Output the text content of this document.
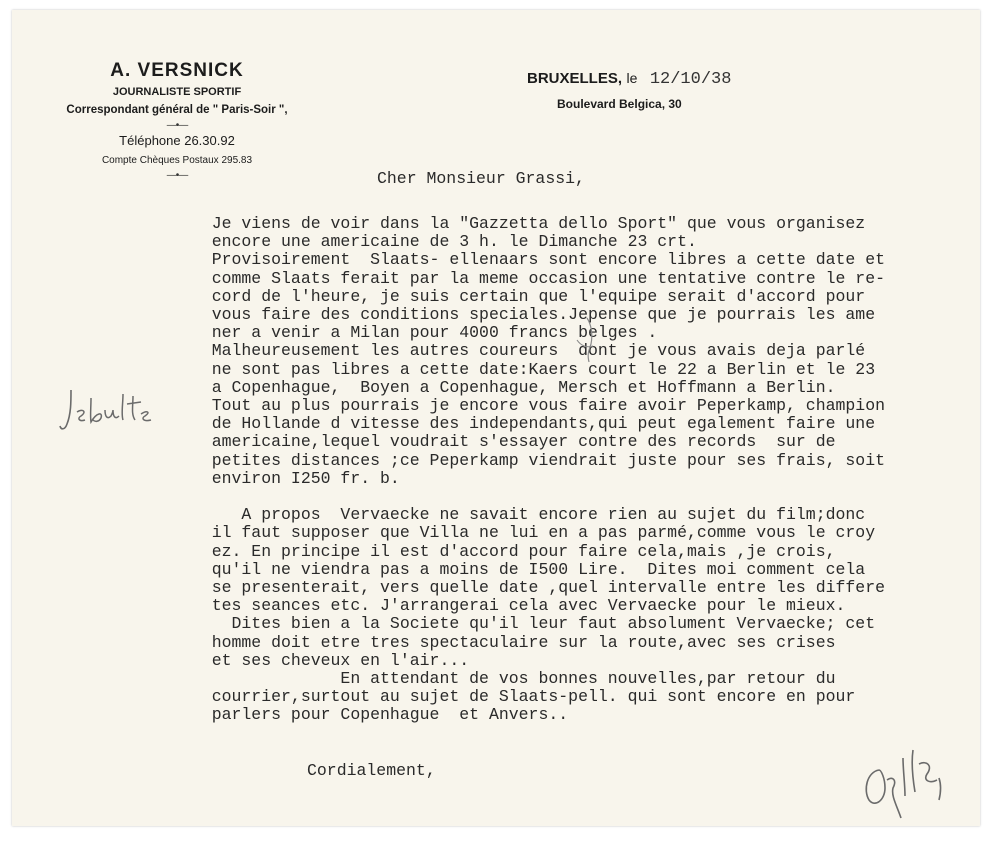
A. VERSNICK
JOURNALISTE SPORTIF
Correspondant général de " Paris-Soir ",
—•—
Téléphone 26.30.92
Compte Chèques Postaux 295.83
—•—
BRUXELLES, le 12/10/38
Boulevard Belgica, 30
Cher Monsieur Grassi,
Je viens de voir dans la "Gazzetta dello Sport" que vous organisez
encore une americaine de 3 h. le Dimanche 23 crt.
Provisoirement  Slaats- ellenaars sont encore libres a cette date et
comme Slaats ferait par la meme occasion une tentative contre le re-
cord de l'heure, je suis certain que l'equipe serait d'accord pour
vous faire des conditions speciales.Jepense que je pourrais les ame
ner a venir a Milan pour 4000 francs belges .
Malheureusement les autres coureurs  dont je vous avais deja parlé
ne sont pas libres a cette date:Kaers court le 22 a Berlin et le 23
a Copenhague,  Boyen a Copenhague, Mersch et Hoffmann a Berlin.
Tout au plus pourrais je encore vous faire avoir Peperkamp, champion
de Hollande d vitesse des independants,qui peut egalement faire une
americaine,lequel voudrait s'essayer contre des records  sur de
petites distances ;ce Peperkamp viendrait juste pour ses frais, soit
environ I250 fr. b.

A propos  Vervaecke ne savait encore rien au sujet du film;donc
il faut supposer que Villa ne lui en a pas parmé,comme vous le croy
ez. En principe il est d'accord pour faire cela,mais ,je crois,
qu'il ne viendra pas a moins de I500 Lire.  Dites moi comment cela
se presenterait, vers quelle date ,quel intervalle entre les differe
tes seances etc. J'arrangerai cela avec Vervaecke pour le mieux.
Dites bien a la Societe qu'il leur faut absolument Vervaecke; cet
homme doit etre tres spectaculaire sur la route,avec ses crises
et ses cheveux en l'air...
En attendant de vos bonnes nouvelles,par retour du
courrier,surtout au sujet de Slaats-pell. qui sont encore en pour
parlers pour Copenhague  et Anvers..
Cordialement,
